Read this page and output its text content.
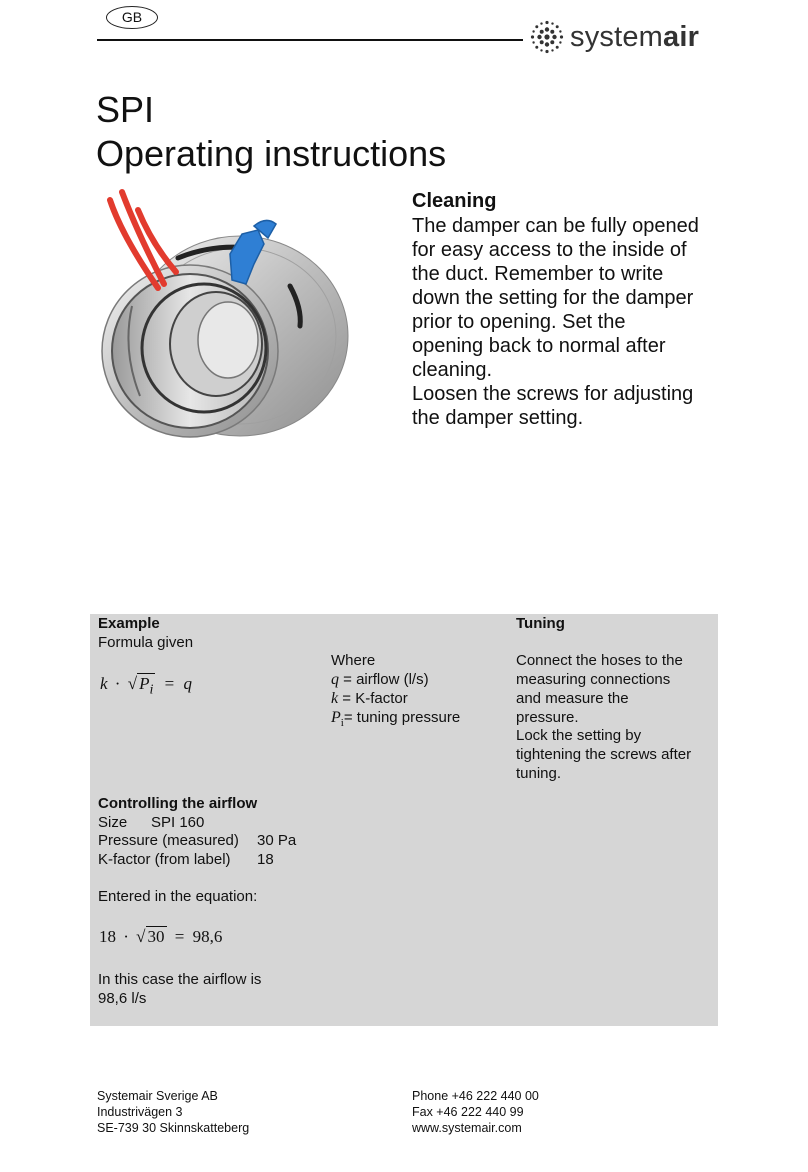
GB
systemair
SPI
Operating instructions
Cleaning
The damper can be fully opened
for easy access to the inside of
the duct. Remember to write
down the setting for the damper
prior to opening. Set the
opening back to normal after
cleaning.
Loosen the screws for adjusting
the damper setting.
Example
Formula given
k · √ $P_i = q$
Where
q = airflow (l/s)
k = K-factor
$P_i=$ tuning pressure
Tuning
Connect the hoses to the
measuring connections
and measure the
pressure.
Lock the setting by
tightening the screws after
tuning.
Controlling the airflow
Size SPI 160
Pressure (measured) 30 Pa
K-factor (from label) 18
Entered in the equation:
18 · √ 30 = 98,6
In this case the airflow is
98,6 l/s
Systemair Sverige AB
Industrivägen 3
SE-739 30 Skinnskatteberg
Phone +46 222 440 00
Fax +46 222 440 99
www.systemair.com
